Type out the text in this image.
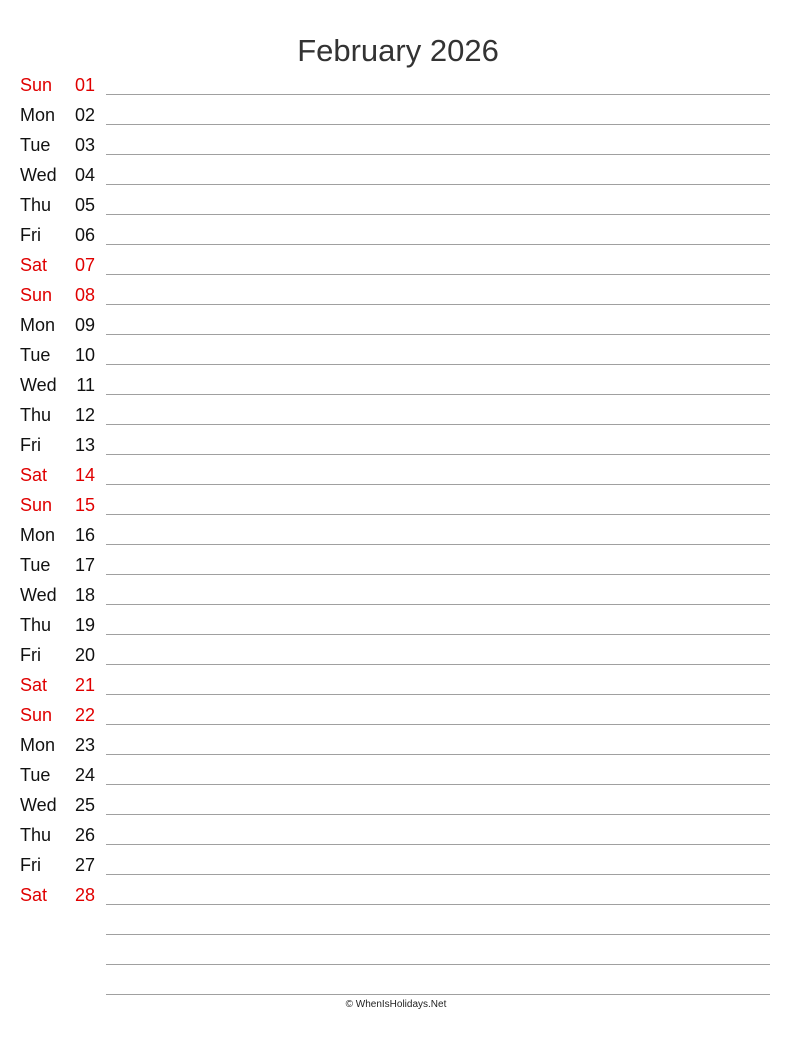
February 2026
Sun	01
Mon	02
Tue	03
Wed	04
Thu	05
Fri	06
Sat	07
Sun	08
Mon	09
Tue	10
Wed	11
Thu	12
Fri	13
Sat	14
Sun	15
Mon	16
Tue	17
Wed	18
Thu	19
Fri	20
Sat	21
Sun	22
Mon	23
Tue	24
Wed	25
Thu	26
Fri	27
Sat	28
© WhenIsHolidays.Net
